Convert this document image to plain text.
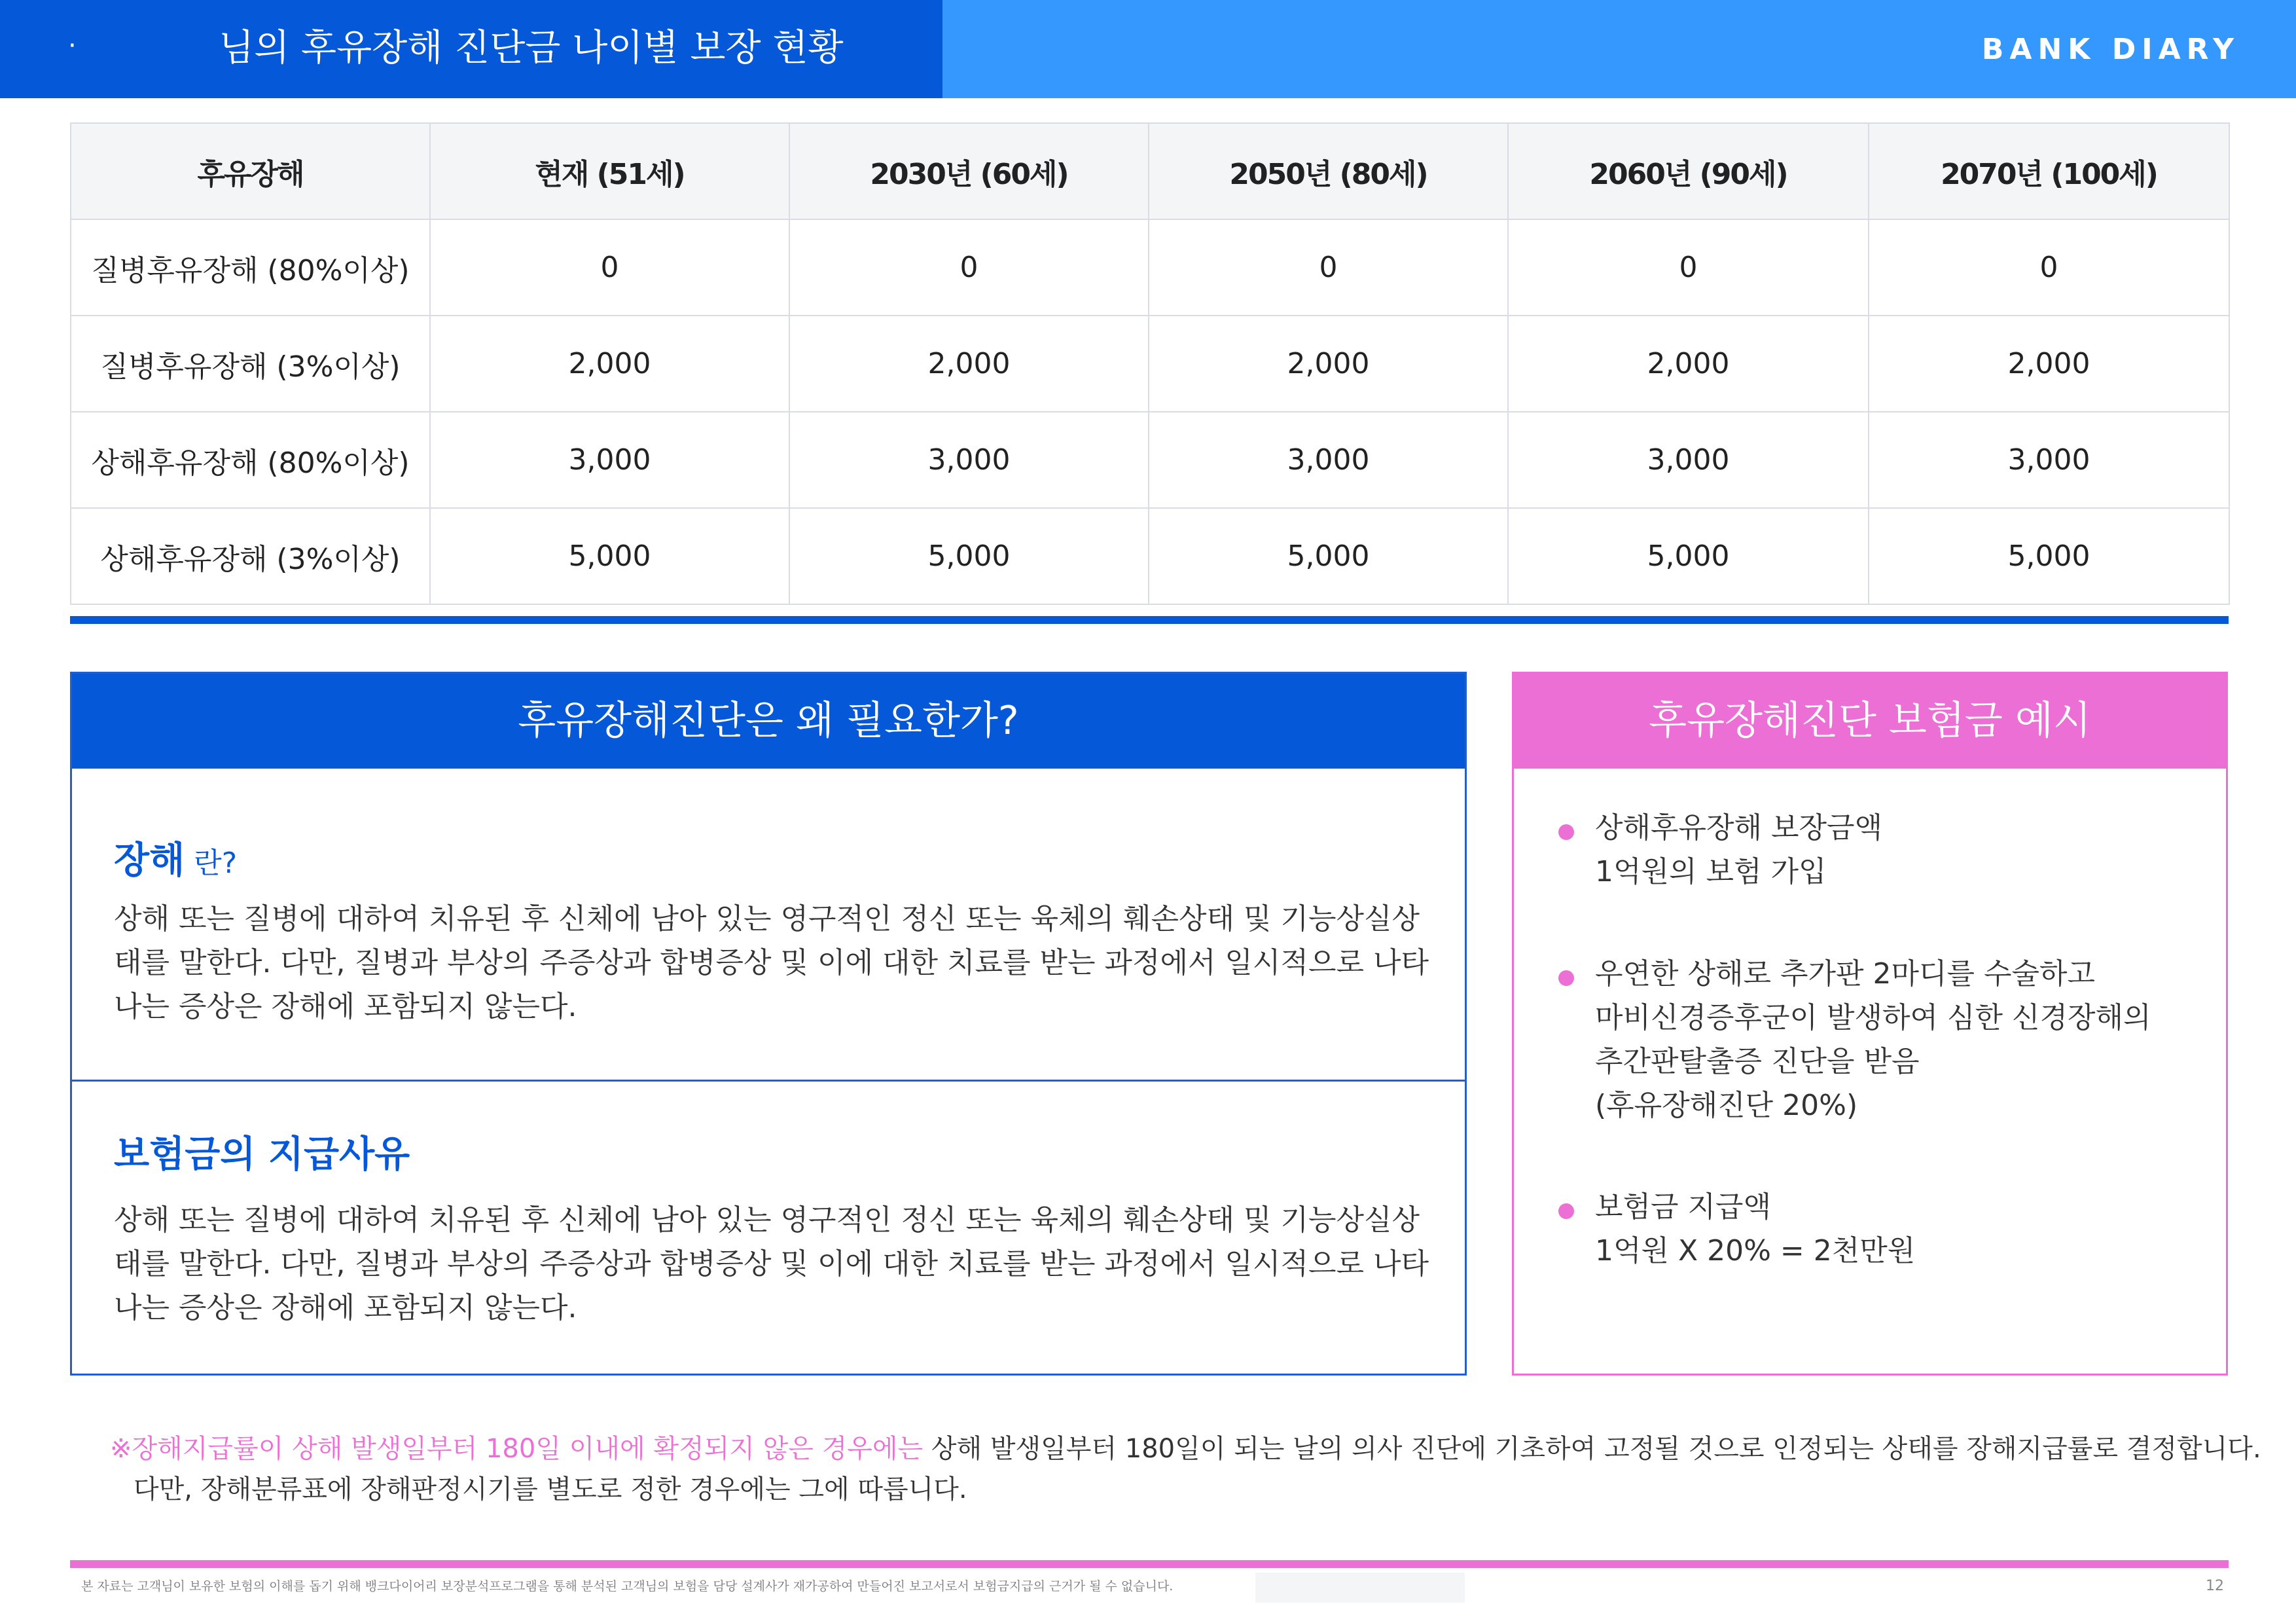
·	님의 후유장해 진단금 나이별 보장 현황	BANK DIARY
후유장해	현재 (51세)	2030년 (60세)	2050년 (80세)	2060년 (90세)	2070년 (100세)
질병후유장해 (80%이상)	0	0	0	0	0
질병후유장해 (3%이상)	2,000	2,000	2,000	2,000	2,000
상해후유장해 (80%이상)	3,000	3,000	3,000	3,000	3,000
상해후유장해 (3%이상)	5,000	5,000	5,000	5,000	5,000
후유장해진단은 왜 필요한가?
장해 란?
상해 또는 질병에 대하여 치유된 후 신체에 남아 있는 영구적인 정신 또는 육체의 훼손상태 및 기능상실상태를 말한다. 다만, 질병과 부상의 주증상과 합병증상 및 이에 대한 치료를 받는 과정에서 일시적으로 나타나는 증상은 장해에 포함되지 않는다.
보험금의 지급사유
상해 또는 질병에 대하여 치유된 후 신체에 남아 있는 영구적인 정신 또는 육체의 훼손상태 및 기능상실상태를 말한다. 다만, 질병과 부상의 주증상과 합병증상 및 이에 대한 치료를 받는 과정에서 일시적으로 나타나는 증상은 장해에 포함되지 않는다.
후유장해진단 보험금 예시
상해후유장해 보장금액
1억원의 보험 가입
우연한 상해로 추가판 2마디를 수술하고
마비신경증후군이 발생하여 심한 신경장해의
추간판탈출증 진단을 받음
(후유장해진단 20%)
보험금 지급액
1억원 X 20% = 2천만원
※장해지급률이 상해 발생일부터 180일 이내에 확정되지 않은 경우에는 상해 발생일부터 180일이 되는 날의 의사 진단에 기초하여 고정될 것으로 인정되는 상태를 장해지급률로 결정합니다.
다만, 장해분류표에 장해판정시기를 별도로 정한 경우에는 그에 따릅니다.
본 자료는 고객님이 보유한 보험의 이해를 돕기 위해 뱅크다이어리 보장분석프로그램을 통해 분석된 고객님의 보험을 담당 설계사가 재가공하여 만들어진 보고서로서 보험금지급의 근거가 될 수 없습니다.	12
